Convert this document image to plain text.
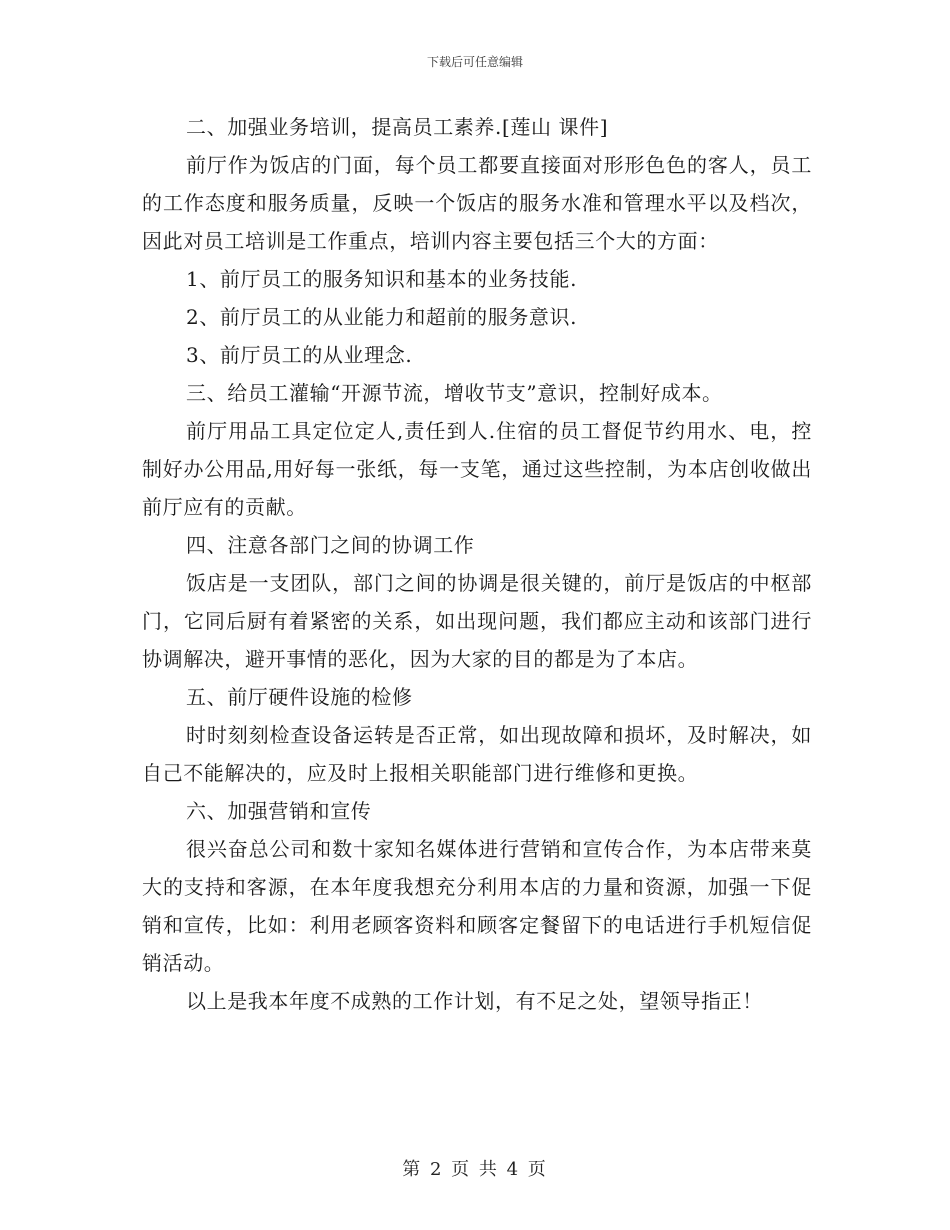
下载后可任意编辑

二、加强业务培训，提高员工素养.[莲山 课件]

前厅作为饭店的门面，每个员工都要直接面对形形色色的客人，员工的工作态度和服务质量，反映一个饭店的服务水准和管理水平以及档次，因此对员工培训是工作重点，培训内容主要包括三个大的方面：

1、前厅员工的服务知识和基本的业务技能.

2、前厅员工的从业能力和超前的服务意识.

3、前厅员工的从业理念.

三、给员工灌输“开源节流，增收节支”意识，控制好成本。

前厅用品工具定位定人,责任到人.住宿的员工督促节约用水、电，控制好办公用品,用好每一张纸，每一支笔，通过这些控制，为本店创收做出前厅应有的贡献。

四、注意各部门之间的协调工作

饭店是一支团队，部门之间的协调是很关键的，前厅是饭店的中枢部门，它同后厨有着紧密的关系，如出现问题，我们都应主动和该部门进行协调解决，避开事情的恶化，因为大家的目的都是为了本店。

五、前厅硬件设施的检修

时时刻刻检查设备运转是否正常，如出现故障和损坏，及时解决，如自己不能解决的，应及时上报相关职能部门进行维修和更换。

六、加强营销和宣传

很兴奋总公司和数十家知名媒体进行营销和宣传合作，为本店带来莫大的支持和客源，在本年度我想充分利用本店的力量和资源，加强一下促销和宣传，比如：利用老顾客资料和顾客定餐留下的电话进行手机短信促销活动。

以上是我本年度不成熟的工作计划，有不足之处，望领导指正！

第 2 页 共 4 页
